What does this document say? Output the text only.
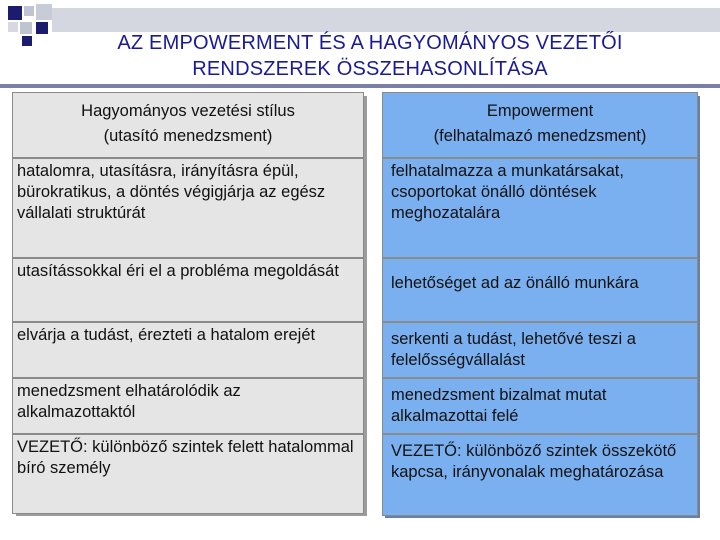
AZ EMPOWERMENT ÉS A HAGYOMÁNYOS VEZETŐI
RENDSZEREK ÖSSZEHASONLÍTÁSA
Hagyományos vezetési stílus
(utasító menedzsment)
hatalomra, utasításra, irányításra épül, bürokratikus, a döntés végigjárja az egész vállalati struktúrát
utasítássokkal éri el a probléma megoldását
elvárja a tudást, érezteti a hatalom erejét
menedzsment elhatárolódik az alkalmazottaktól
VEZETŐ: különböző szintek felett hatalommal bíró személy
Empowerment
(felhatalmazó menedzsment)
felhatalmazza a munkatársakat, csoportokat önálló döntések meghozatalára
lehetőséget ad az önálló munkára
serkenti a tudást, lehetővé teszi a felelősségvállalást
menedzsment bizalmat mutat alkalmazottai felé
VEZETŐ: különböző szintek összekötő kapcsa, irányvonalak meghatározása
